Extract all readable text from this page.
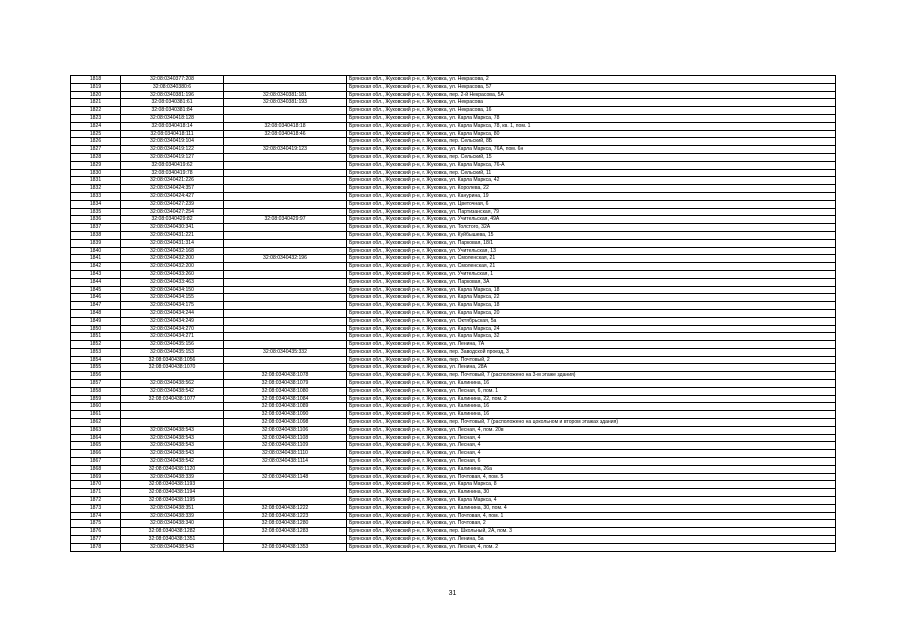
1818	32:08:0340377:208		Брянская обл., Жуковский р-н, г. Жуковка, ул. Некрасова, 2
1819	32:08:0340380:6		Брянская обл., Жуковский р-н, г. Жуковка, ул. Некрасова, 57
1820	32:08:0340381:196	32:08:0340381:181	Брянская обл., Жуковский р-н, г. Жуковка, пер. 2-й Некрасова, 5А
1821	32:08:0340381:61	32:08:0340381:193	Брянская обл., Жуковский р-н, г. Жуковка, ул. Некрасова
1822	32:08:0340381:84		Брянская обл., Жуковский р-н, г. Жуковка, ул. Некрасова, 16
1823	32:08:0340418:128		Брянская обл., Жуковский р-н, г. Жуковка, ул. Карла Маркса, 78
1824	32:08:0340418:14	32:08:0340418:18	Брянская обл., Жуковский р-н, г. Жуковка, ул. Карла Маркса, 78, кв. 1, пом. 1
1825	32:08:0340418:111	32:08:0340418:46	Брянская обл., Жуковский р-н, г. Жуковка, ул. Карла Маркса, 80
1826	32:08:0340419:104		Брянская обл., Жуковский р-н, г. Жуковка, пер. Сельский, 8Б
1827	32:08:0340419:122	32:08:0340419:123	Брянская обл., Жуковский р-н, г. Жуковка, ул. Карла Маркса, 76А, пом. 6н
1828	32:08:0340419:127		Брянская обл., Жуковский р-н, г. Жуковка, пер. Сельский, 15
1829	32:08:0340419:62		Брянская обл., Жуковский р-н, г. Жуковка, ул. Карла Маркса, 76-А
1830	32:08:0340419:78		Брянская обл., Жуковский р-н, г. Жуковка, пер. Сельский, 11
1831	32:08:0340421:226		Брянская обл., Жуковский р-н, г. Жуковка, ул. Карла Маркса, 42
1832	32:08:0340424:357		Брянская обл., Жуковский р-н, г. Жуковка, ул. Королева, 22
1833	32:08:0340424:427		Брянская обл., Жуковский р-н, г. Жуковка, ул. Канурина, 19
1834	32:08:0340427:239		Брянская обл., Жуковский р-н, г. Жуковка, ул. Цветочная, 6
1835	32:08:0340427:254		Брянская обл., Жуковский р-н, г. Жуковка, ул. Партизанская, 79
1836	32:08:0340429:82	32:08:0340429:97	Брянская обл., Жуковский р-н, г. Жуковка, ул. Учительская, 49А
1837	32:08:0340430:341		Брянская обл., Жуковский р-н, г. Жуковка, ул. Толстого, 32А
1838	32:08:0340431:221		Брянская обл., Жуковский р-н, г. Жуковка, ул. Куйбышева, 15
1839	32:08:0340431:314		Брянская обл., Жуковский р-н, г. Жуковка, ул. Парковая, 18/1
1840	32:08:0340432:168		Брянская обл., Жуковский р-н, г. Жуковка, ул. Учительская, 13
1841	32:08:0340432:200	32:08:0340432:196	Брянская обл., Жуковский р-н, г. Жуковка, ул. Смоленская, 21
1842	32:08:0340432:200		Брянская обл., Жуковский р-н, г. Жуковка, ул. Смоленская, 21
1843	32:08:0340433:260		Брянская обл., Жуковский р-н, г. Жуковка, ул. Учительская, 1
1844	32:08:0340433:463		Брянская обл., Жуковский р-н, г. Жуковка, ул. Парковая, 3А
1845	32:08:0340434:150		Брянская обл., Жуковский р-н, г. Жуковка, ул. Карла Маркса, 18
1846	32:08:0340434:155		Брянская обл., Жуковский р-н, г. Жуковка, ул. Карла Маркса, 22
1847	32:08:0340434:175		Брянская обл., Жуковский р-н, г. Жуковка, ул. Карла Маркса, 18
1848	32:08:0340434:244		Брянская обл., Жуковский р-н, г. Жуковка, ул. Карла Маркса, 20
1849	32:08:0340434:249		Брянская обл., Жуковский р-н, г. Жуковка, ул. Октябрьская, 5а
1850	32:08:0340434:270		Брянская обл., Жуковский р-н, г. Жуковка, ул. Карла Маркса, 24
1851	32:08:0340434:271		Брянская обл., Жуковский р-н, г. Жуковка, ул. Карла Маркса, 32
1852	32:08:0340435:156		Брянская обл., Жуковский р-н, г. Жуковка, ул. Ленина, 7А
1853	32:08:0340435:153	32:08:0340435:332	Брянская обл., Жуковский р-н, г. Жуковка, пер. Заводской проезд, 3
1854	32:08:0340438:1056		Брянская обл., Жуковский р-н, г. Жуковка, пер. Почтовый, 2
1855	32:08:0340438:1070		Брянская обл., Жуковский р-н, г. Жуковка, ул. Ленина, 28А
1856		32:08:0340438:1078	Брянская обл., Жуковский р-н, г. Жуковка, пер. Почтовый, 7 (расположено на 3-м этаже здания)
1857	32:08:0340438:562	32:08:0340438:1079	Брянская обл., Жуковский р-н, г. Жуковка, ул. Калинина, 16
1858	32:08:0340438:542	32:08:0340438:1080	Брянская обл., Жуковский р-н, г. Жуковка, ул. Лесная, 6, пом. 1
1859	32:08:0340438:1077	32:08:0340438:1084	Брянская обл., Жуковский р-н, г. Жуковка, ул. Калинина, 22, пом. 2
1860		32:08:0340438:1089	Брянская обл., Жуковский р-н, г. Жуковка, ул. Калинина, 16
1861		32:08:0340438:1090	Брянская обл., Жуковский р-н, г. Жуковка, ул. Калинина, 16
1862		32:08:0340438:1098	Брянская обл., Жуковский р-н, г. Жуковка, пер. Почтовый, 7 (расположено на цокольном и втором этажах здания)
1863	32:08:0340438:543	32:08:0340438:1106	Брянская обл., Жуковский р-н, г. Жуковка, ул. Лесная, 4, пом. 20в
1864	32:08:0340438:543	32:08:0340438:1108	Брянская обл., Жуковский р-н, г. Жуковка, ул. Лесная, 4
1865	32:08:0340438:543	32:08:0340438:1109	Брянская обл., Жуковский р-н, г. Жуковка, ул. Лесная, 4
1866	32:08:0340438:543	32:08:0340438:1110	Брянская обл., Жуковский р-н, г. Жуковка, ул. Лесная, 4
1867	32:08:0340438:542	32:08:0340438:1114	Брянская обл., Жуковский р-н, г. Жуковка, ул. Лесная, 6
1868	32:08:0340438:1120		Брянская обл., Жуковский р-н, г. Жуковка, ул. Калинина, 26а
1869	32:08:0340438:339	32:08:0340438:1148	Брянская обл., Жуковский р-н, г. Жуковка, ул. Почтовая, 4, пом. 5
1870	32:08:0340438:1193		Брянская обл., Жуковский р-н, г. Жуковка, ул. Карла Маркса, 8
1871	32:08:0340438:1194		Брянская обл., Жуковский р-н, г. Жуковка, ул. Калинина, 30
1872	32:08:0340438:1195		Брянская обл., Жуковский р-н, г. Жуковка, ул. Карла Маркса, 4
1873	32:08:0340438:351	32:08:0340438:1222	Брянская обл., Жуковский р-н, г. Жуковка, ул. Калинина, 30, пом. 4
1874	32:08:0340438:339	32:08:0340438:1223	Брянская обл., Жуковский р-н, г. Жуковка, ул. Почтовая, 4, пом. 1
1875	32:08:0340438:340	32:08:0340438:1280	Брянская обл., Жуковский р-н, г. Жуковка, ул. Почтовая, 2
1876	32:08:0340438:1282	32:08:0340438:1283	Брянская обл., Жуковский р-н, г. Жуковка, пер. Школьный, 2А, пом. 3
1877	32:08:0340438:1351		Брянская обл., Жуковский р-н, г. Жуковка, ул. Ленина, 5а
1878	32:08:0340438:543	32:08:0340438:1353	Брянская обл., Жуковский р-н, г. Жуковка, ул. Лесная, 4, пом. 2
31
